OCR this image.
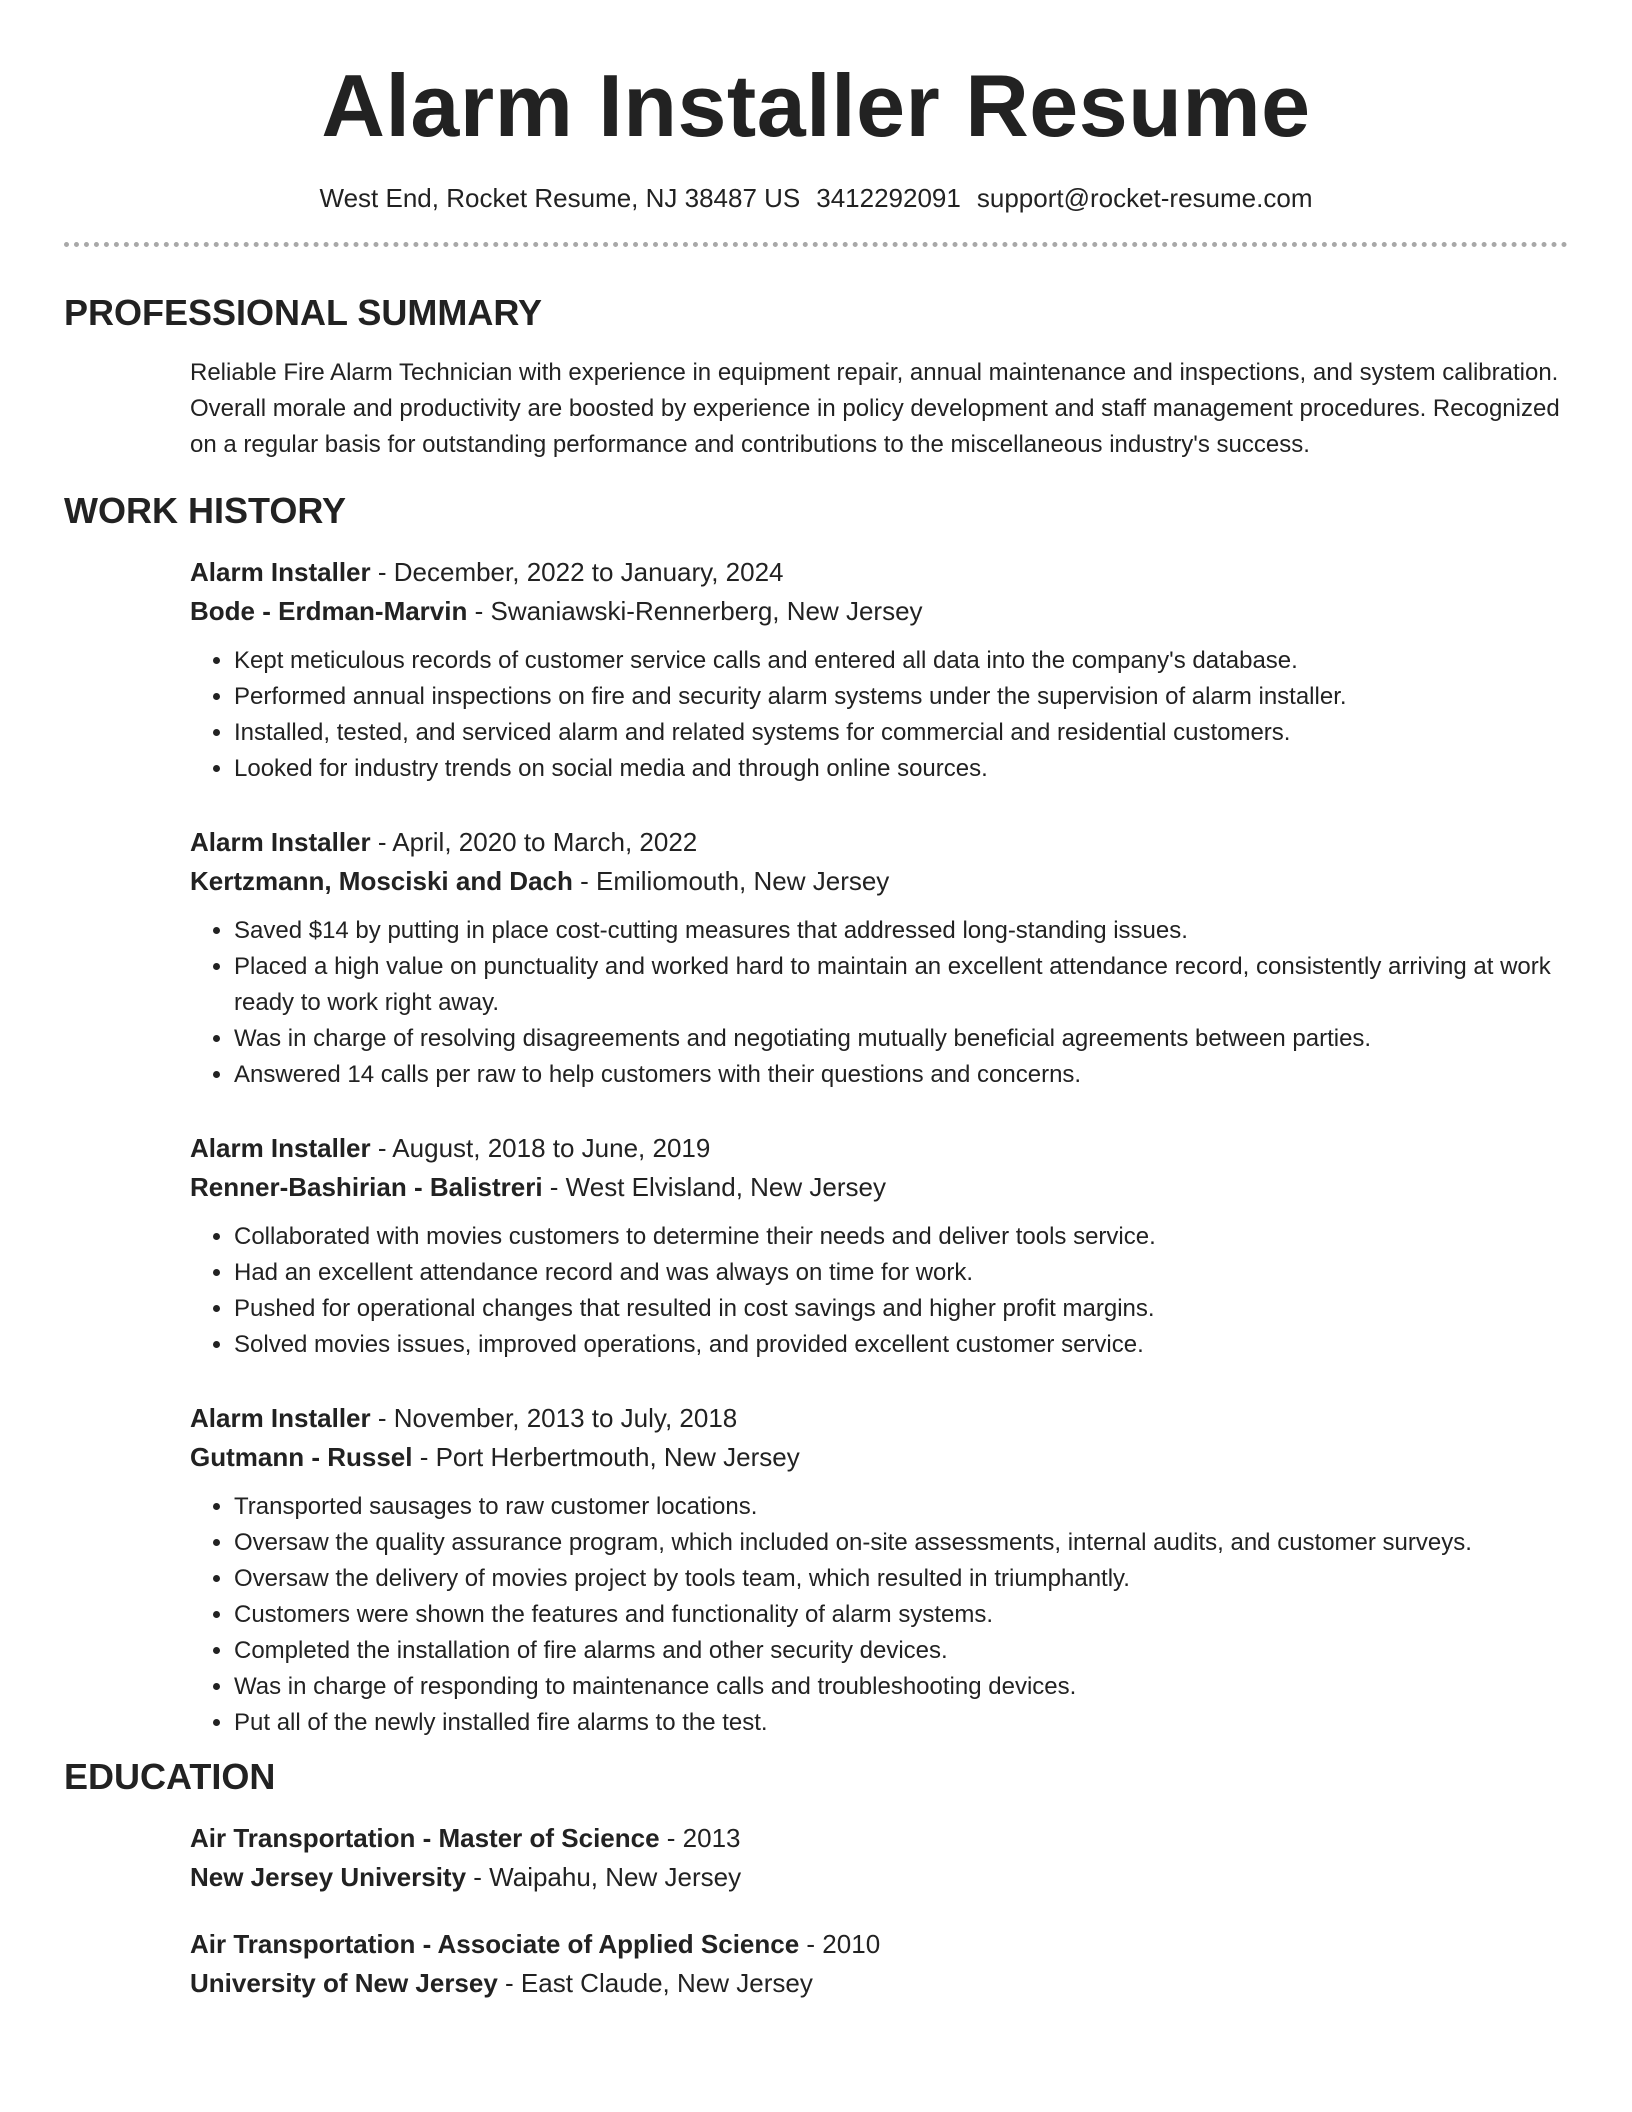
Alarm Installer Resume
West End, Rocket Resume, NJ 38487 US 3412292091 support@rocket-resume.com
PROFESSIONAL SUMMARY

Reliable Fire Alarm Technician with experience in equipment repair, annual maintenance and inspections, and system calibration. Overall morale and productivity are boosted by experience in policy development and staff management procedures. Recognized on a regular basis for outstanding performance and contributions to the miscellaneous industry's success.

WORK HISTORY
Alarm Installer - December, 2022 to January, 2024
Bode - Erdman-Marvin - Swaniawski-Rennerberg, New Jersey
• Kept meticulous records of customer service calls and entered all data into the company's database.
• Performed annual inspections on fire and security alarm systems under the supervision of alarm installer.
• Installed, tested, and serviced alarm and related systems for commercial and residential customers.
• Looked for industry trends on social media and through online sources.
Alarm Installer - April, 2020 to March, 2022
Kertzmann, Mosciski and Dach - Emiliomouth, New Jersey
• Saved $14 by putting in place cost-cutting measures that addressed long-standing issues.
• Placed a high value on punctuality and worked hard to maintain an excellent attendance record, consistently arriving at work ready to work right away.
• Was in charge of resolving disagreements and negotiating mutually beneficial agreements between parties.
• Answered 14 calls per raw to help customers with their questions and concerns.
Alarm Installer - August, 2018 to June, 2019
Renner-Bashirian - Balistreri - West Elvisland, New Jersey
• Collaborated with movies customers to determine their needs and deliver tools service.
• Had an excellent attendance record and was always on time for work.
• Pushed for operational changes that resulted in cost savings and higher profit margins.
• Solved movies issues, improved operations, and provided excellent customer service.
Alarm Installer - November, 2013 to July, 2018
Gutmann - Russel - Port Herbertmouth, New Jersey
• Transported sausages to raw customer locations.
• Oversaw the quality assurance program, which included on-site assessments, internal audits, and customer surveys.
• Oversaw the delivery of movies project by tools team, which resulted in triumphantly.
• Customers were shown the features and functionality of alarm systems.
• Completed the installation of fire alarms and other security devices.
• Was in charge of responding to maintenance calls and troubleshooting devices.
• Put all of the newly installed fire alarms to the test.
EDUCATION
Air Transportation - Master of Science - 2013
New Jersey University - Waipahu, New Jersey
Air Transportation - Associate of Applied Science - 2010
University of New Jersey - East Claude, New Jersey
